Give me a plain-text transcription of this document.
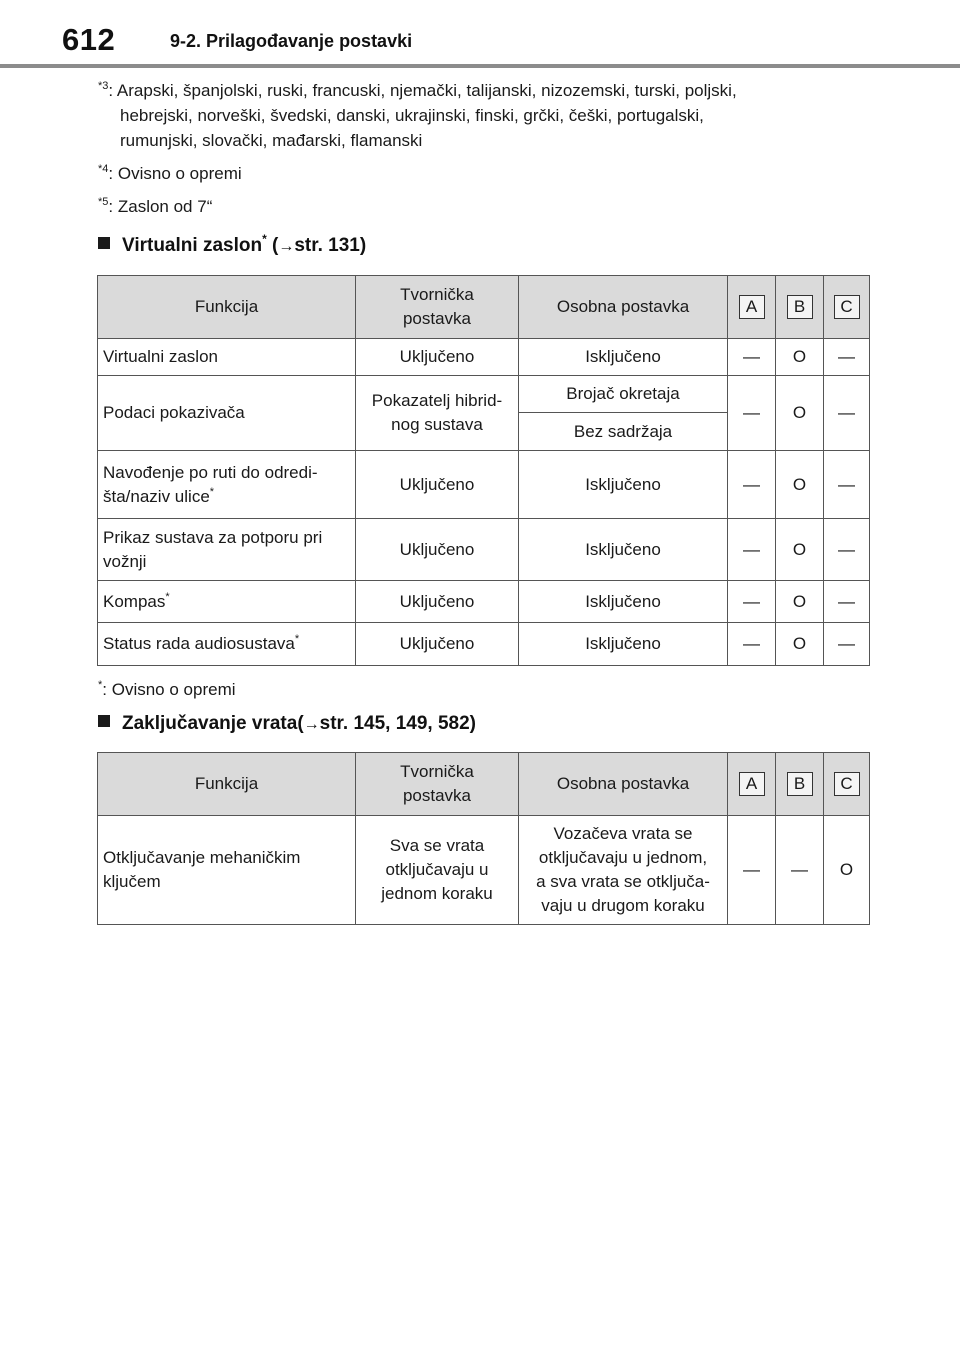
612	9-2. Prilagođavanje postavki
$^{*3}$: Arapski, španjolski, ruski, francuski, njemački, talijanski, nizozemski, turski, poljski,
hebrejski, norveški, švedski, danski, ukrajinski, finski, grčki, češki, portugalski,
rumunjski, slovački, mađarski, flamanski
$^{*4}$: Ovisno o opremi
$^{*5}$: Zaslon od 7“
Virtualni zaslon* (→str. 131)
Funkcija	Tvornička
postavka	Osobna postavka	A	B	C
Virtualni zaslon	Uključeno	Isključeno	—	O	—
Podaci pokazivača	Pokazatelj hibrid-
nog sustava	Brojač okretaja	—	O	—
		Bez sadržaja			
Navođenje po ruti do odredi-
šta/naziv ulice*	Uključeno	Isključeno	—	O	—
Prikaz sustava za potporu pri
vožnji	Uključeno	Isključeno	—	O	—
Kompas*	Uključeno	Isključeno	—	O	—
Status rada audiosustava*	Uključeno	Isključeno	—	O	—
*: Ovisno o opremi
Zaključavanje vrata(→str. 145, 149, 582)
Funkcija	Tvornička
postavka	Osobna postavka	A	B	C
Otključavanje mehaničkim
ključem	Sva se vrata
otključavaju u
jednom koraku	Vozačeva vrata se
otključavaju u jednom,
a sva vrata se otključa-
vaju u drugom koraku	—	—	O
